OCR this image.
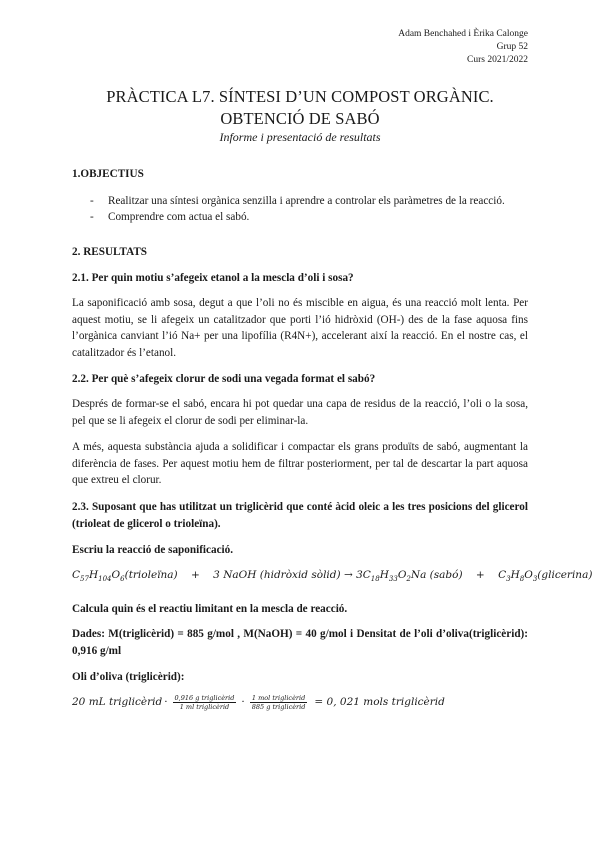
Adam Benchahed i Èrika Calonge
Grup 52
Curs 2021/2022
PRÀCTICA L7. SÍNTESI D’UN COMPOST ORGÀNIC.
OBTENCIÓ DE SABÓ
Informe i presentació de resultats
1.OBJECTIUS
- Realitzar una síntesi orgànica senzilla i aprendre a controlar els paràmetres de la reacció.
- Comprendre com actua el sabó.
2. RESULTATS
2.1. Per quin motiu s’afegeix etanol a la mescla d’oli i sosa?
La saponificació amb sosa, degut a que l’oli no és miscible en aigua, és una reacció molt lenta. Per aquest motiu, se li afegeix un catalitzador que porti l’ió hidròxid (OH-) des de la fase aquosa fins l’orgànica canviant l’ió Na+ per una lipofília (R4N+), accelerant així la reacció. En el nostre cas, el catalitzador és l’etanol.
2.2. Per què s’afegeix clorur de sodi una vegada format el sabó?
Després de formar-se el sabó, encara hi pot quedar una capa de residus de la reacció, l’oli o la sosa, pel que se li afegeix el clorur de sodi per eliminar-la.
A més, aquesta substància ajuda a solidificar i compactar els grans produïts de sabó, augmentant la diferència de fases. Per aquest motiu hem de filtrar posteriorment, per tal de descartar la part aquosa que extreu el clorur.
2.3. Suposant que has utilitzat un triglicèrid que conté àcid oleic a les tres posicions del glicerol (trioleat de glicerol o trioleïna).
Escriu la reacció de saponificació.
$C_{57}H_{104}O_6(trioleïna) + 3$ NaOH (hidròxid sòlid) → $3C_{18}H_{33}O_2Na$ (sabó) + $C_3H_8O_3(glicerina)$
Calcula quin és el reactiu limitant en la mescla de reacció.
Dades: M(triglicèrid) = 885 g/mol , M(NaOH) = 40 g/mol i Densitat de l’oli d’oliva(triglicèrid): 0,916 g/ml
Oli d’oliva (triglicèrid):
20 mL triglicèrid · $\frac{\text{0,916 g triglicèrid}}{\text{1 ml triglicèrid}} \cdot \frac{\text{1 mol triglicèrid}}{\text{885 g triglicèrid}} = 0$, 021 mols triglicèrid
